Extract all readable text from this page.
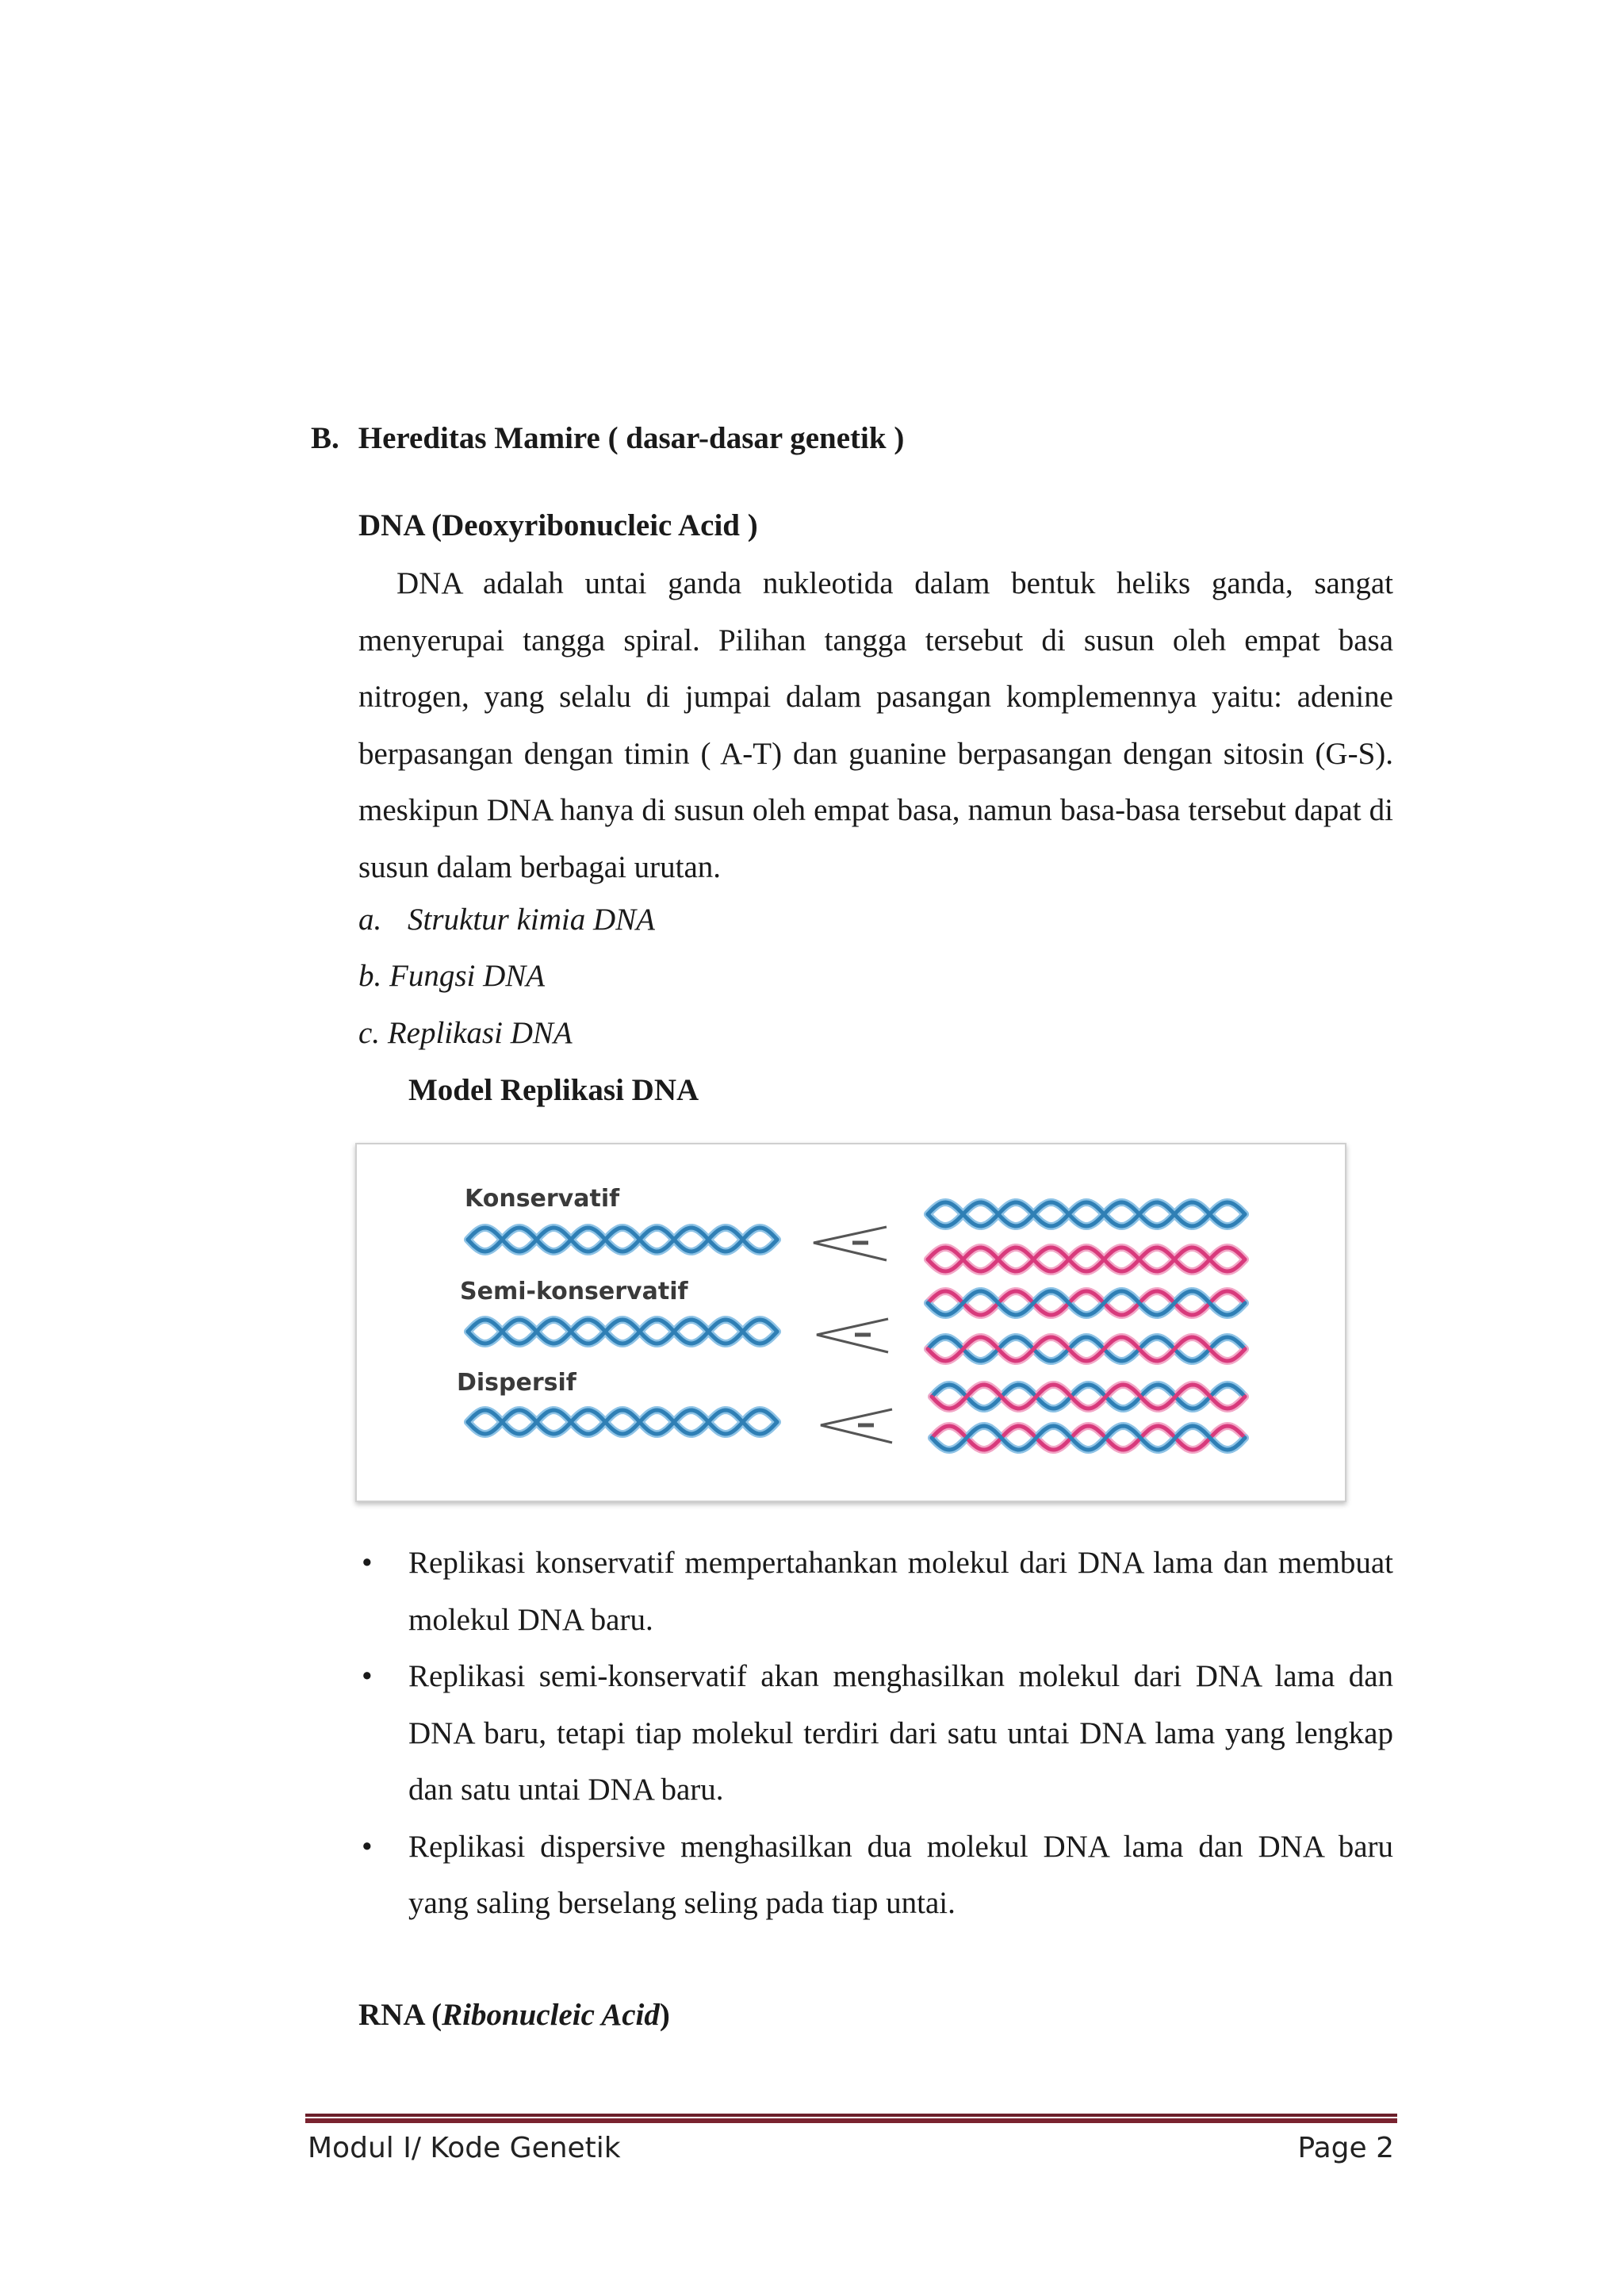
B. Hereditas Mamire ( dasar-dasar genetik )
DNA (Deoxyribonucleic Acid )
DNA adalah untai ganda nukleotida dalam bentuk heliks ganda, sangat menyerupai tangga spiral. Pilihan tangga tersebut di susun oleh empat basa nitrogen, yang selalu di jumpai dalam pasangan komplemennya yaitu: adenine berpasangan dengan timin ( A-T) dan guanine berpasangan dengan sitosin (G-S). meskipun DNA hanya di susun oleh empat basa, namun basa-basa tersebut dapat di susun dalam berbagai urutan.
a. Struktur kimia DNA
b. Fungsi DNA
c. Replikasi DNA
Model Replikasi DNA
Konservatif
Semi-konservatif
Dispersif
• Replikasi konservatif mempertahankan molekul dari DNA lama dan membuat molekul DNA baru.
• Replikasi semi-konservatif akan menghasilkan molekul dari DNA lama dan DNA baru, tetapi tiap molekul terdiri dari satu untai DNA lama yang lengkap dan satu untai DNA baru.
• Replikasi dispersive menghasilkan dua molekul DNA lama dan DNA baru yang saling berselang seling pada tiap untai.
RNA (Ribonucleic Acid)
Modul I/ Kode Genetik	Page 2
